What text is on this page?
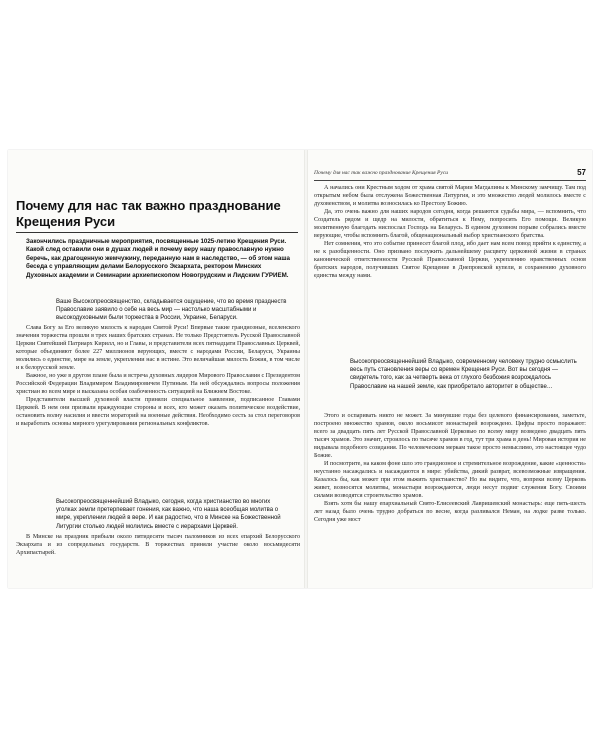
Почему для нас так важно празднование Крещения Руси
Закончились праздничные мероприятия, посвященные 1025-летию Крещения Руси. Какой след оставили они в душах людей и почему веру нашу православную нужно беречь, как драгоценную жемчужину, переданную нам в наследство, — об этом наша беседа с управляющим делами Белорусского Экзархата, ректором Минских Духовных академии и Семинарии архиепископом Новогрудским и Лидским ГУРИЕМ.
Ваше Высокопреосвященство, складывается ощущение, что во время празднеств Православие заявило о себе на весь мир — настолько масштабными и высокодуховными были торжества в России, Украине, Беларуси.

Слава Богу за Его великую милость к народам Святой Руси! Впервые такие грандиозные, вселенского значения торжества прошли в трех наших братских странах. Не только Предстоятель Русской Православной Церкви Святейший Патриарх Кирилл, но и Главы, и представители всех пятнадцати Православных Церквей, которые объединяют более 227 миллионов верующих, вместе с народами России, Беларуси, Украины молились о единстве, мире на земле, укреплении нас в истине. Это величайшая милость Божия, в том числе и к белорусской земле.

Важное, но уже в другом плане была и встреча духовных лидеров Мирового Православия с Президентом Российской Федерации Владимиром Владимировичем Путиным. На ней обсуждались вопросы положения христиан во всем мире и высказана особая озабоченность ситуацией на Ближнем Востоке.

Представители высшей духовной власти приняли специальное заявление, подписанное Главами Церквей. В нем они призвали враждующие стороны и всех, кто может оказать политическое воздействие, остановить волну насилия и ввести мораторий на военные действия. Необходимо сесть за стол переговоров и выработать основы мирного урегулирования региональных конфликтов.

Высокопреосвященнейший Владыко, сегодня, когда христианство во многих уголках земли претерпевает гонения, как важно, что наша всеобщая молитва о мире, укреплении людей в вере. И как радостно, что в Минске на Божественной Литургии столько людей молились вместе с иерархами Церквей.

В Минске на праздник прибыли около пятидесяти тысяч паломников из всех епархий Белорусского Экзархата и из сопредельных государств. В торжествах приняли участие около восьмидесяти Архипастырей.

Почему для нас так важно празднование Крещения Руси	57

А начались они Крестным ходом от храма святой Марии Магдалины к Минскому замчищу. Там под открытым небом была отслужена Божественная Литургия, и это множество людей молилось вместе с духовенством, и молитва возносилась ко Престолу Божию.

Да, это очень важно для наших народов сегодня, когда решаются судьбы мира, — вспомнить, что Создатель рядом и щедр на милости, обратиться к Нему, попросить Его помощи. Великую молитвенную благодать ниспослал Господь на Беларусь. В едином духовном порыве собрались вместе верующие, чтобы вспомнить благой, общенациональный выбор христианского братства.

Нет сомнения, что это событие принесет благой плод, ибо дает нам всем повод прийти к единству, а не к разобщенности. Оно призвано послужить дальнейшему расцвету церковной жизни в странах канонической ответственности Русской Православной Церкви, укреплению нравственных основ братских народов, получивших Святое Крещение в Днепровской купели, и сохранению духовного единства между нами.

Высокопреосвященнейший Владыко, современному человеку трудно осмыслить весь путь становления веры со времен Крещения Руси. Вот вы сегодня — свидетель того, как за четверть века от глухого безбожия возрождалось Православие на нашей земле, как приобретало авторитет в обществе…

Этого и оспаривать никто не может. За минувшие годы без целевого финансирования, заметьте, построено множество храмов, около восьмисот монастырей возрождено. Цифры просто поражают: всего за двадцать пять лет Русской Православной Церковью по всему миру возведено двадцать пять тысяч храмов. Это значит, строилось по тысяче храмов в год, тут три храма в день! Мировая история не видывала подобного созидания. По человеческим меркам такое просто немыслимо, это настоящее чудо Божие.

И посмотрите, на каком фоне шло это грандиозное и стремительное возрождение, какие «ценности» неустанно насаждались и насаждаются в мире: убийства, дикий разврат, всевозможные извращения. Казалось бы, как может при этом выжить христианство? Но вы видите, что, вопреки всему Церковь живет, возносятся молитвы, монастыри возрождаются, люди несут подвиг служения Богу. Своими силами возводятся строительство храмов.

Взять хотя бы нашу епархиальный Свято-Елисеевский Лавришевский монастырь: еще пять-шесть лет назад было очень трудно добраться по весне, когда разливался Неман, на лодке разве только. Сегодня уже мост
